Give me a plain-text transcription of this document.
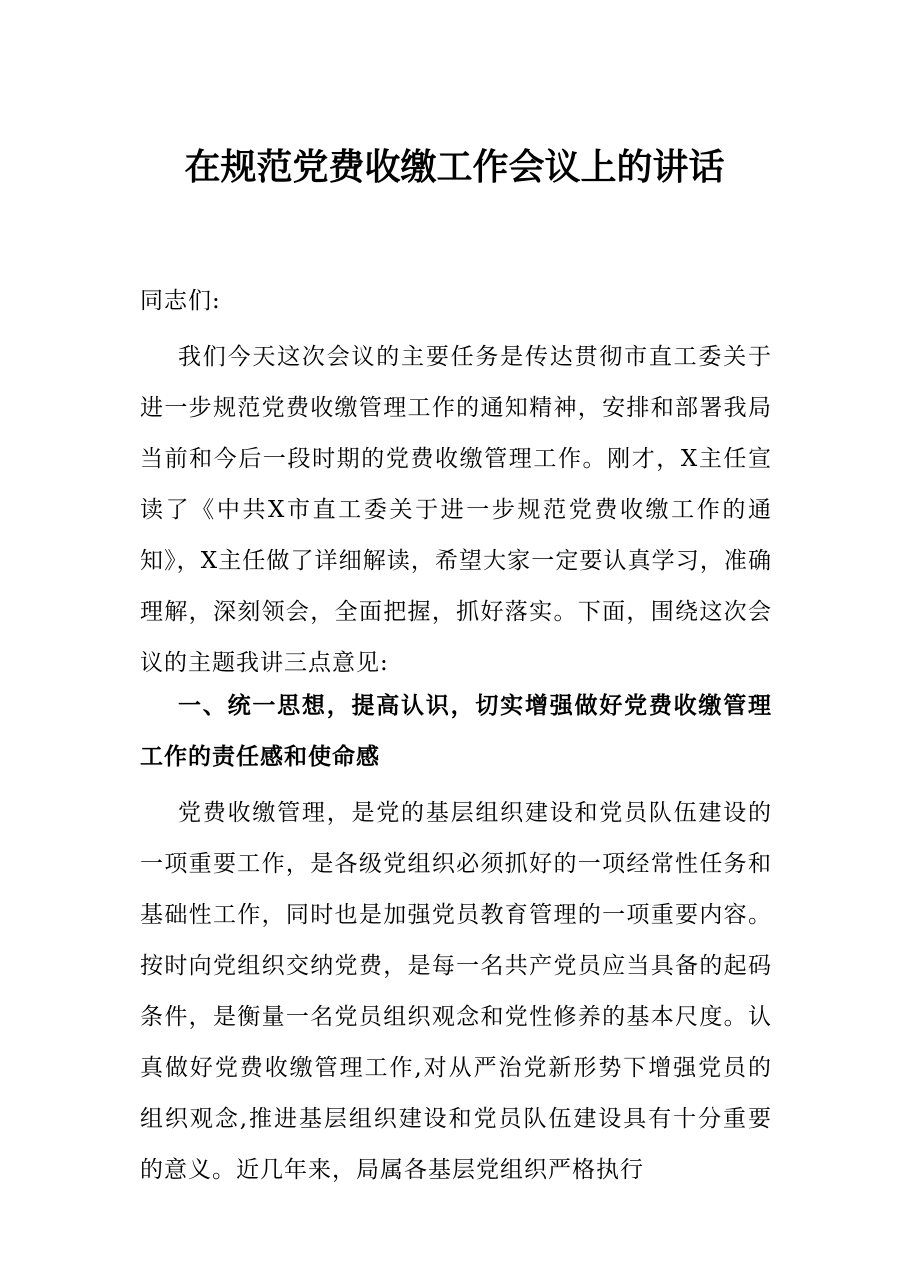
在规范党费收缴工作会议上的讲话
同志们:
我们今天这次会议的主要任务是传达贯彻市直工委关于进一步规范党费收缴管理工作的通知精神，安排和部署我局当前和今后一段时期的党费收缴管理工作。刚才，X主任宣读了《中共X市直工委关于进一步规范党费收缴工作的通知》，X主任做了详细解读，希望大家一定要认真学习，准确理解，深刻领会，全面把握，抓好落实。下面，围绕这次会议的主题我讲三点意见:
一、统一思想，提高认识，切实增强做好党费收缴管理工作的责任感和使命感
党费收缴管理，是党的基层组织建设和党员队伍建设的一项重要工作，是各级党组织必须抓好的一项经常性任务和基础性工作，同时也是加强党员教育管理的一项重要内容。按时向党组织交纳党费，是每一名共产党员应当具备的起码条件，是衡量一名党员组织观念和党性修养的基本尺度。认真做好党费收缴管理工作,对从严治党新形势下增强党员的组织观念,推进基层组织建设和党员队伍建设具有十分重要的意义。近几年来，局属各基层党组织严格执行
